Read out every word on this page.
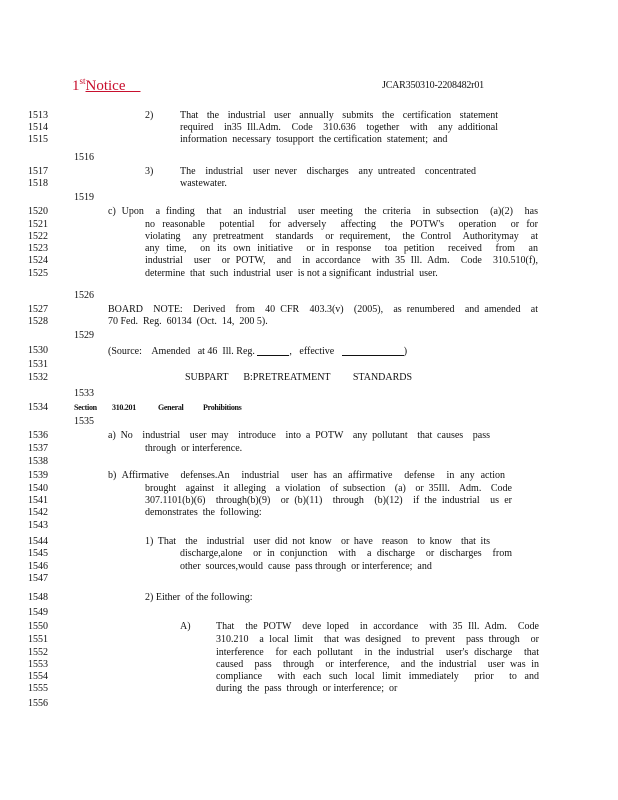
1stNotice	JCAR350310-2208482r01
1513
1514
1515
1516
1517
1518
1519
1520
1521
1522
1523
1524
1525
1526
1527
1528
1529
1530
1531
1532
1533
1534
1535
1536
1537
1538
1539
1540
1541
1542
1543
1544
1545
1546
1547
1548
1549
1550
1551
1552
1553
1554
1555
1556
2)	That  the  industrial  user  annually  submits  the  certification  statement
required  in35 Ill.Adm.  Code  310.636  together  with  any additional
information  necessary  tosupport  the certification  statement;  and
3)	The  industrial  user never  discharges  any untreated  concentrated
wastewater.
c) Upon  a finding  that  an industrial  user meeting  the criteria  in subsection  (a)(2)  has
no reasonable  potential  for adversely  affecting  the POTW's  operation  or for
violating  any pretreatment  standards  or requirement,  the Control  Authoritymay  at
any time,  on its own initiative  or in response  toa petition  received  from  an
industrial  user  or POTW,  and  in accordance  with 35 Ill. Adm.  Code  310.510(f),
determine  that  such  industrial  user  is not a significant  industrial  user.
BOARD  NOTE:  Derived  from  40 CFR  403.3(v)  (2005),  as renumbered  and amended  at
70 Fed.  Reg.  60134  (Oct.  14,  200 5).
(Source:    Amended   at 46  Ill. Reg.	,   effective	)
SUBPART      B:PRETREATMENT         STANDARDS
Section 310.201	General Prohibitions
a) No  industrial  user may  introduce  into a POTW  any pollutant  that causes  pass
through  or interference.
b) Affirmative  defenses.An  industrial  user has an affirmative  defense  in any action
brought  against  it alleging  a violation  of subsection  (a)  or 35Ill.  Adm.  Code
307.1101(b)(6)  through(b)(9)  or (b)(11)  through  (b)(12)  if the industrial  us er
demonstrates  the  following:
1) That  the  industrial  user did not know  or have  reason  to know  that its
discharge,alone  or in conjunction  with  a discharge  or discharges  from
other  sources,would  cause  pass through  or interference;  and
2) Either  of the following:
A)	That  the POTW  deve loped  in accordance  with 35 Ill. Adm.  Code
310.210  a local limit  that was designed  to prevent  pass through  or
interference  for each pollutant  in the industrial  user's discharge  that
caused  pass  through  or interference,  and the industrial  user was in
compliance  with each such local limit immediately  prior  to and
during  the  pass  through  or interference;  or
